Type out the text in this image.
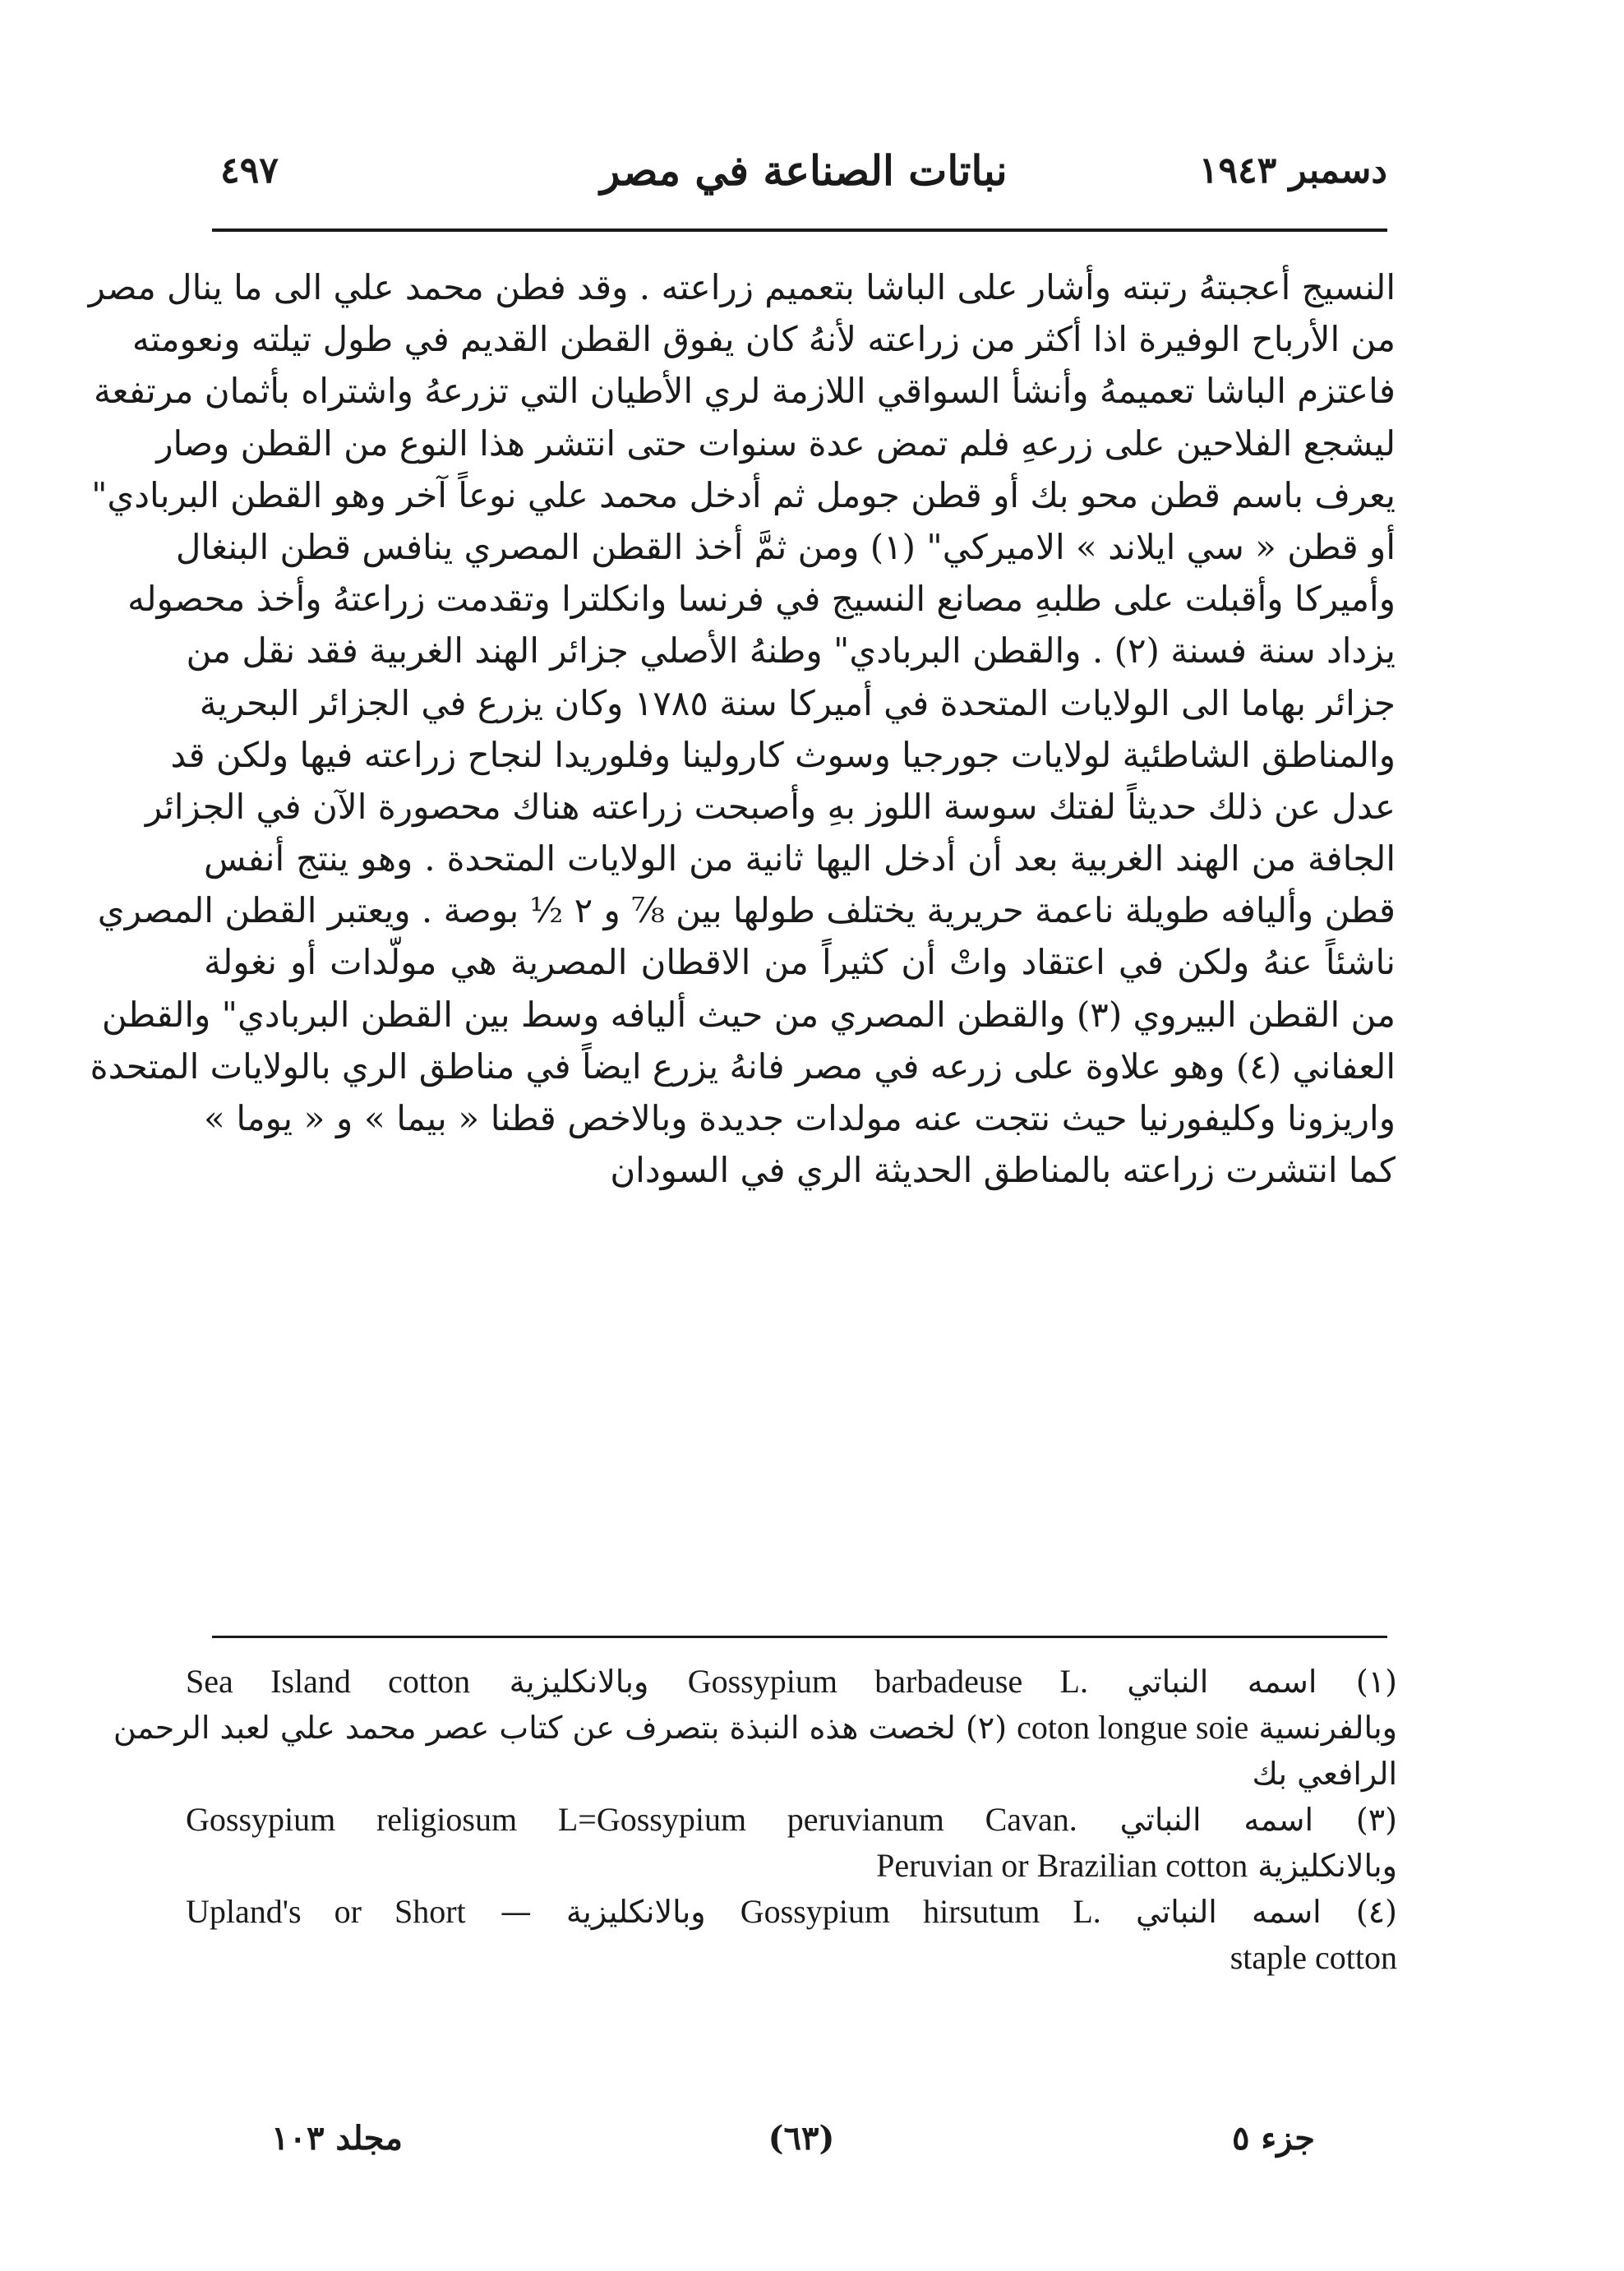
دسمبر ١٩٤٣
نباتات الصناعة في مصر
٤٩٧
النسيج أعجبتهُ رتبته وأشار على الباشا بتعميم زراعته . وقد فطن محمد علي الى ما ينال مصر
من الأرباح الوفيرة اذا أكثر من زراعته لأنهُ كان يفوق القطن القديم في طول تيلته ونعومته
فاعتزم الباشا تعميمهُ وأنشأ السواقي اللازمة لري الأطيان التي تزرعهُ واشتراه بأثمان مرتفعة
ليشجع الفلاحين على زرعهِ فلم تمض عدة سنوات حتى انتشر هذا النوع من القطن وصار
يعرف باسم قطن محو بك أو قطن جومل ثم أدخل محمد علي نوعاً آخر وهو القطن البربادي"
أو قطن « سي ايلاند » الاميركي" (١) ومن ثمَّ أخذ القطن المصري ينافس قطن البنغال
وأميركا وأقبلت على طلبهِ مصانع النسيج في فرنسا وانكلترا وتقدمت زراعتهُ وأخذ محصوله
يزداد سنة فسنة (٢) . والقطن البربادي" وطنهُ الأصلي جزائر الهند الغربية فقد نقل من
جزائر بهاما الى الولايات المتحدة في أميركا سنة ١٧٨٥ وكان يزرع في الجزائر البحرية
والمناطق الشاطئية لولايات جورجيا وسوث كارولينا وفلوريدا لنجاح زراعته فيها ولكن قد
عدل عن ذلك حديثاً لفتك سوسة اللوز بهِ وأصبحت زراعته هناك محصورة الآن في الجزائر
الجافة من الهند الغربية بعد أن أدخل اليها ثانية من الولايات المتحدة . وهو ينتج أنفس
قطن وأليافه طويلة ناعمة حريرية يختلف طولها بين ⅞ و ٢ ½ بوصة . ويعتبر القطن المصري
ناشئاً عنهُ ولكن في اعتقاد واتْ أن كثيراً من الاقطان المصرية هي مولّدات أو نغولة
من القطن البيروي (٣) والقطن المصري من حيث أليافه وسط بين القطن البربادي" والقطن
العفاني (٤) وهو علاوة على زرعه في مصر فانهُ يزرع ايضاً في مناطق الري بالولايات المتحدة
واريزونا وكليفورنيا حيث نتجت عنه مولدات جديدة وبالاخص قطنا « بيما » و « يوما »
كما انتشرت زراعته بالمناطق الحديثة الري في السودان
(١) اسمه النباتي Gossypium barbadeuse L. وبالانكليزية Sea Island cotton
وبالفرنسية coton longue soie (٢) لخصت هذه النبذة بتصرف عن كتاب عصر محمد علي لعبد الرحمن
الرافعي بك
(٣) اسمه النباتي Gossypium religiosum L=Gossypium peruvianum Cavan.
وبالانكليزية Peruvian or Brazilian cotton
(٤) اسمه النباتي Gossypium hirsutum L. وبالانكليزية — Upland's or Short
staple cotton
جزء ٥
(٦٣)
مجلد ١٠٣
